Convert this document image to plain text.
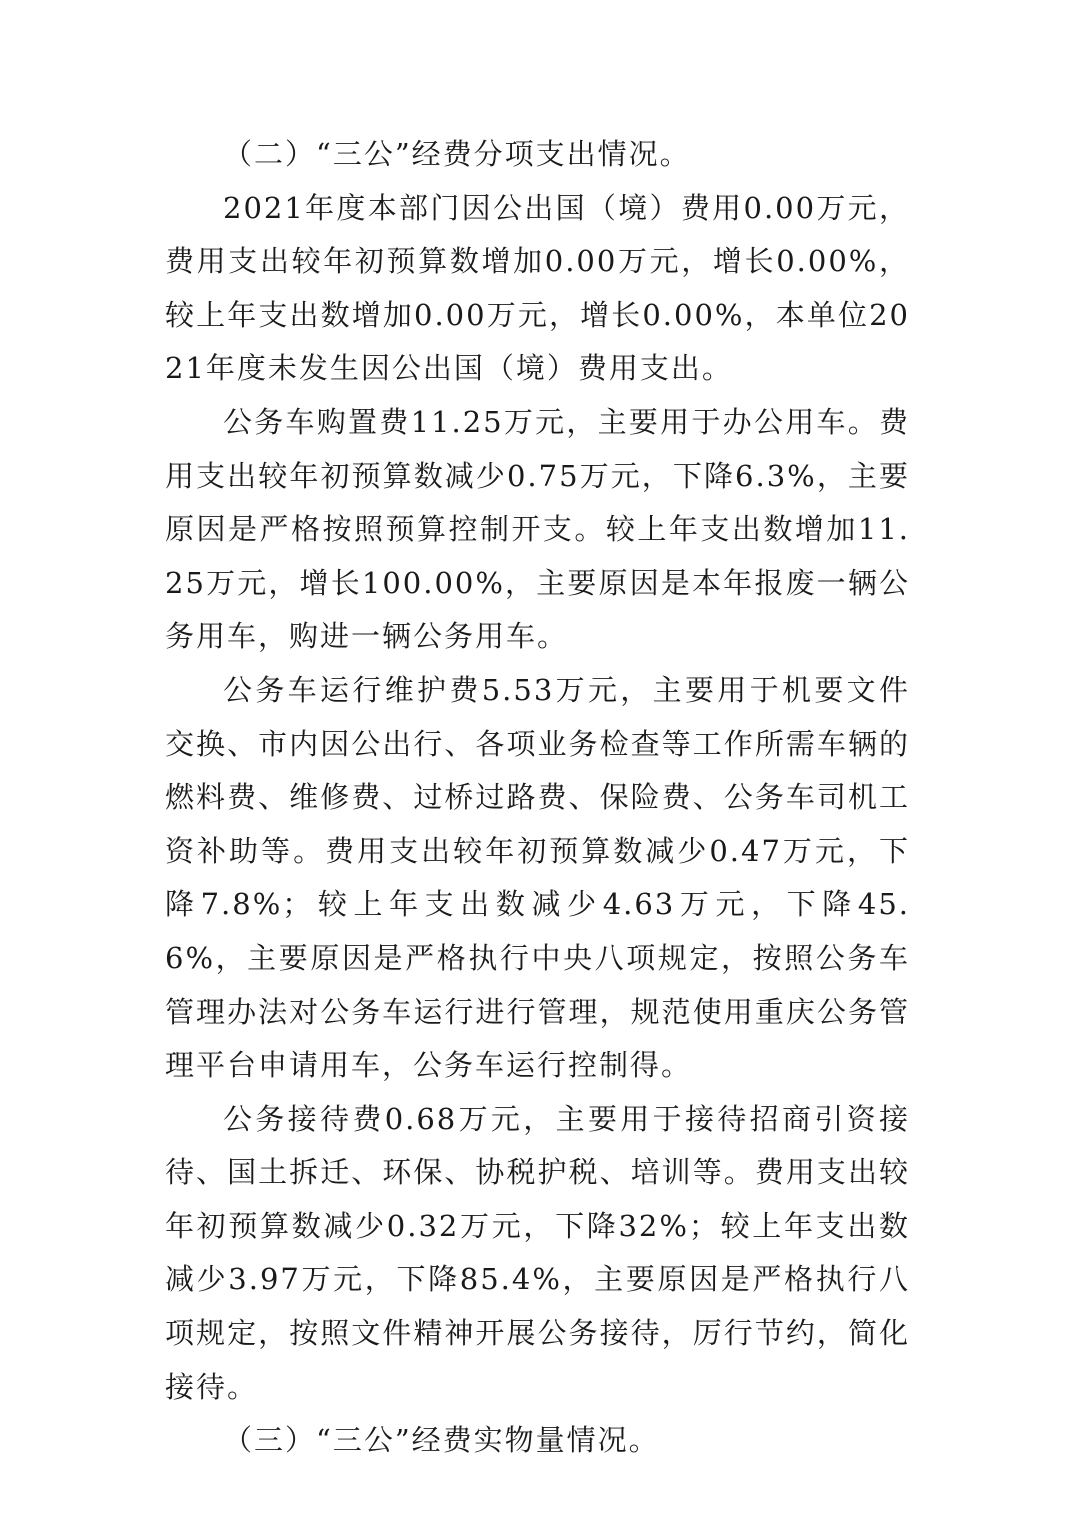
（二）“三公”经费分项支出情况。

2021年度本部门因公出国（境）费用0.00万元，费用支出较年初预算数增加0.00万元，增长0.00%，较上年支出数增加0.00万元，增长0.00%，本单位2021年度未发生因公出国（境）费用支出。

公务车购置费11.25万元，主要用于办公用车。费用支出较年初预算数减少0.75万元，下降6.3%，主要原因是严格按照预算控制开支。较上年支出数增加11.25万元，增长100.00%，主要原因是本年报废一辆公务用车，购进一辆公务用车。

公务车运行维护费5.53万元，主要用于机要文件交换、市内因公出行、各项业务检查等工作所需车辆的燃料费、维修费、过桥过路费、保险费、公务车司机工资补助等。费用支出较年初预算数减少0.47万元，下降7.8%；较上年支出数减少4.63万元，下降45.6%，主要原因是严格执行中央八项规定，按照公务车管理办法对公务车运行进行管理，规范使用重庆公务管理平台申请用车，公务车运行控制得。

公务接待费0.68万元，主要用于接待招商引资接待、国土拆迁、环保、协税护税、培训等。费用支出较年初预算数减少0.32万元，下降32%；较上年支出数减少3.97万元，下降85.4%，主要原因是严格执行八项规定，按照文件精神开展公务接待，厉行节约，简化接待。

（三）“三公”经费实物量情况。
